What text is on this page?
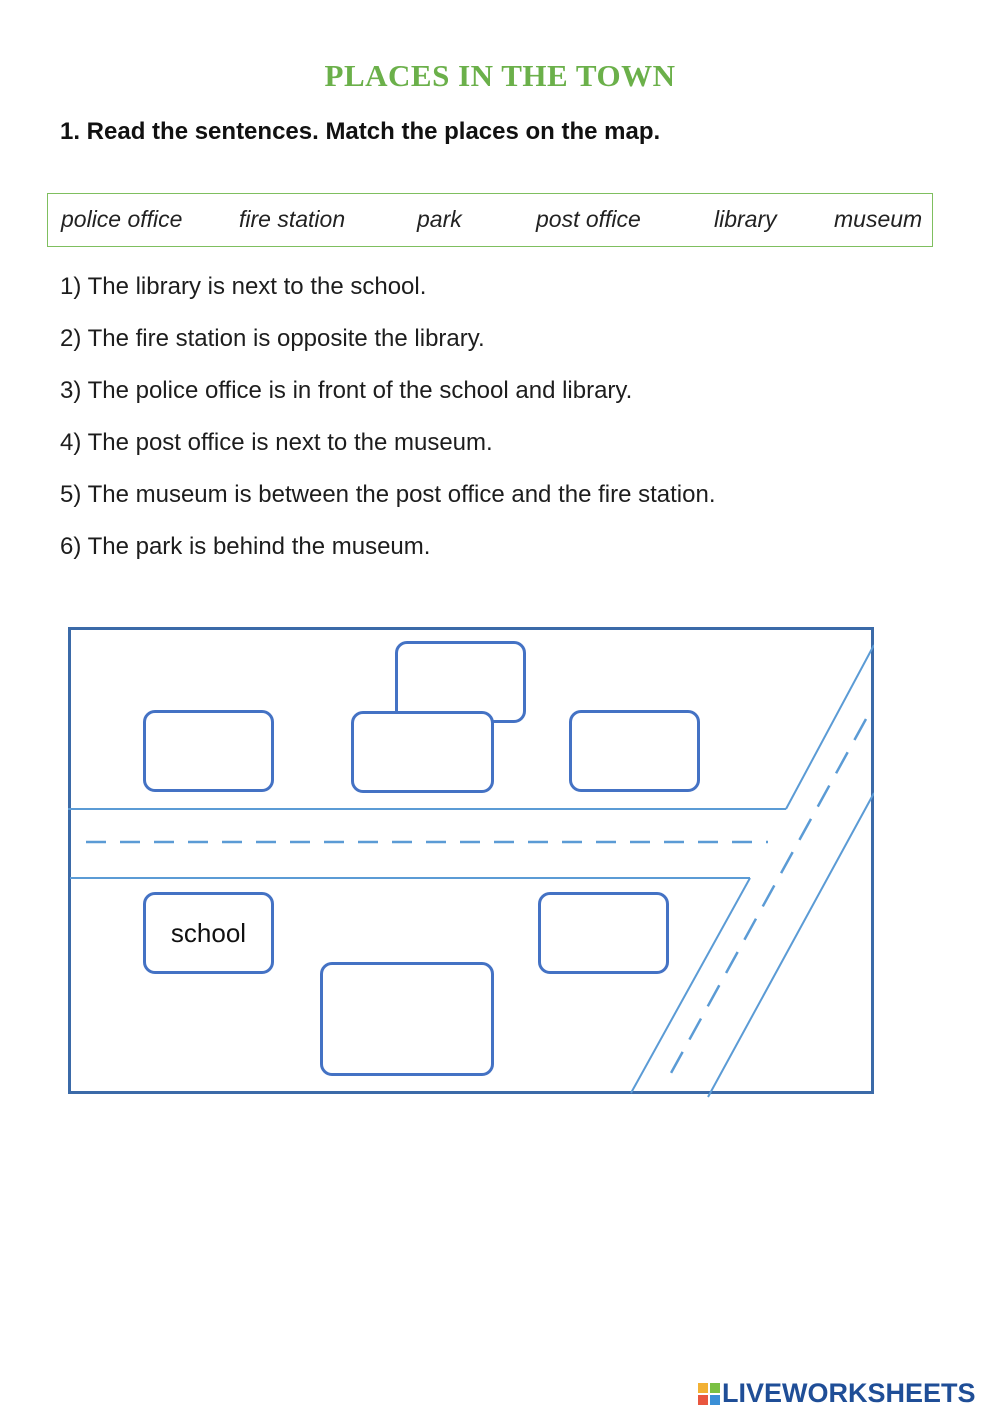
PLACES IN THE TOWN
1. Read the sentences. Match the places on the map.
police office fire station	park	post office	library museum
1) The library is next to the school.
2) The fire station is opposite the library.
3) The police office is in front of the school and library.
4) The post office is next to the museum.
5) The museum is between the post office and the fire station.
6) The park is behind the museum.
school
LIVEWORKSHEETS
